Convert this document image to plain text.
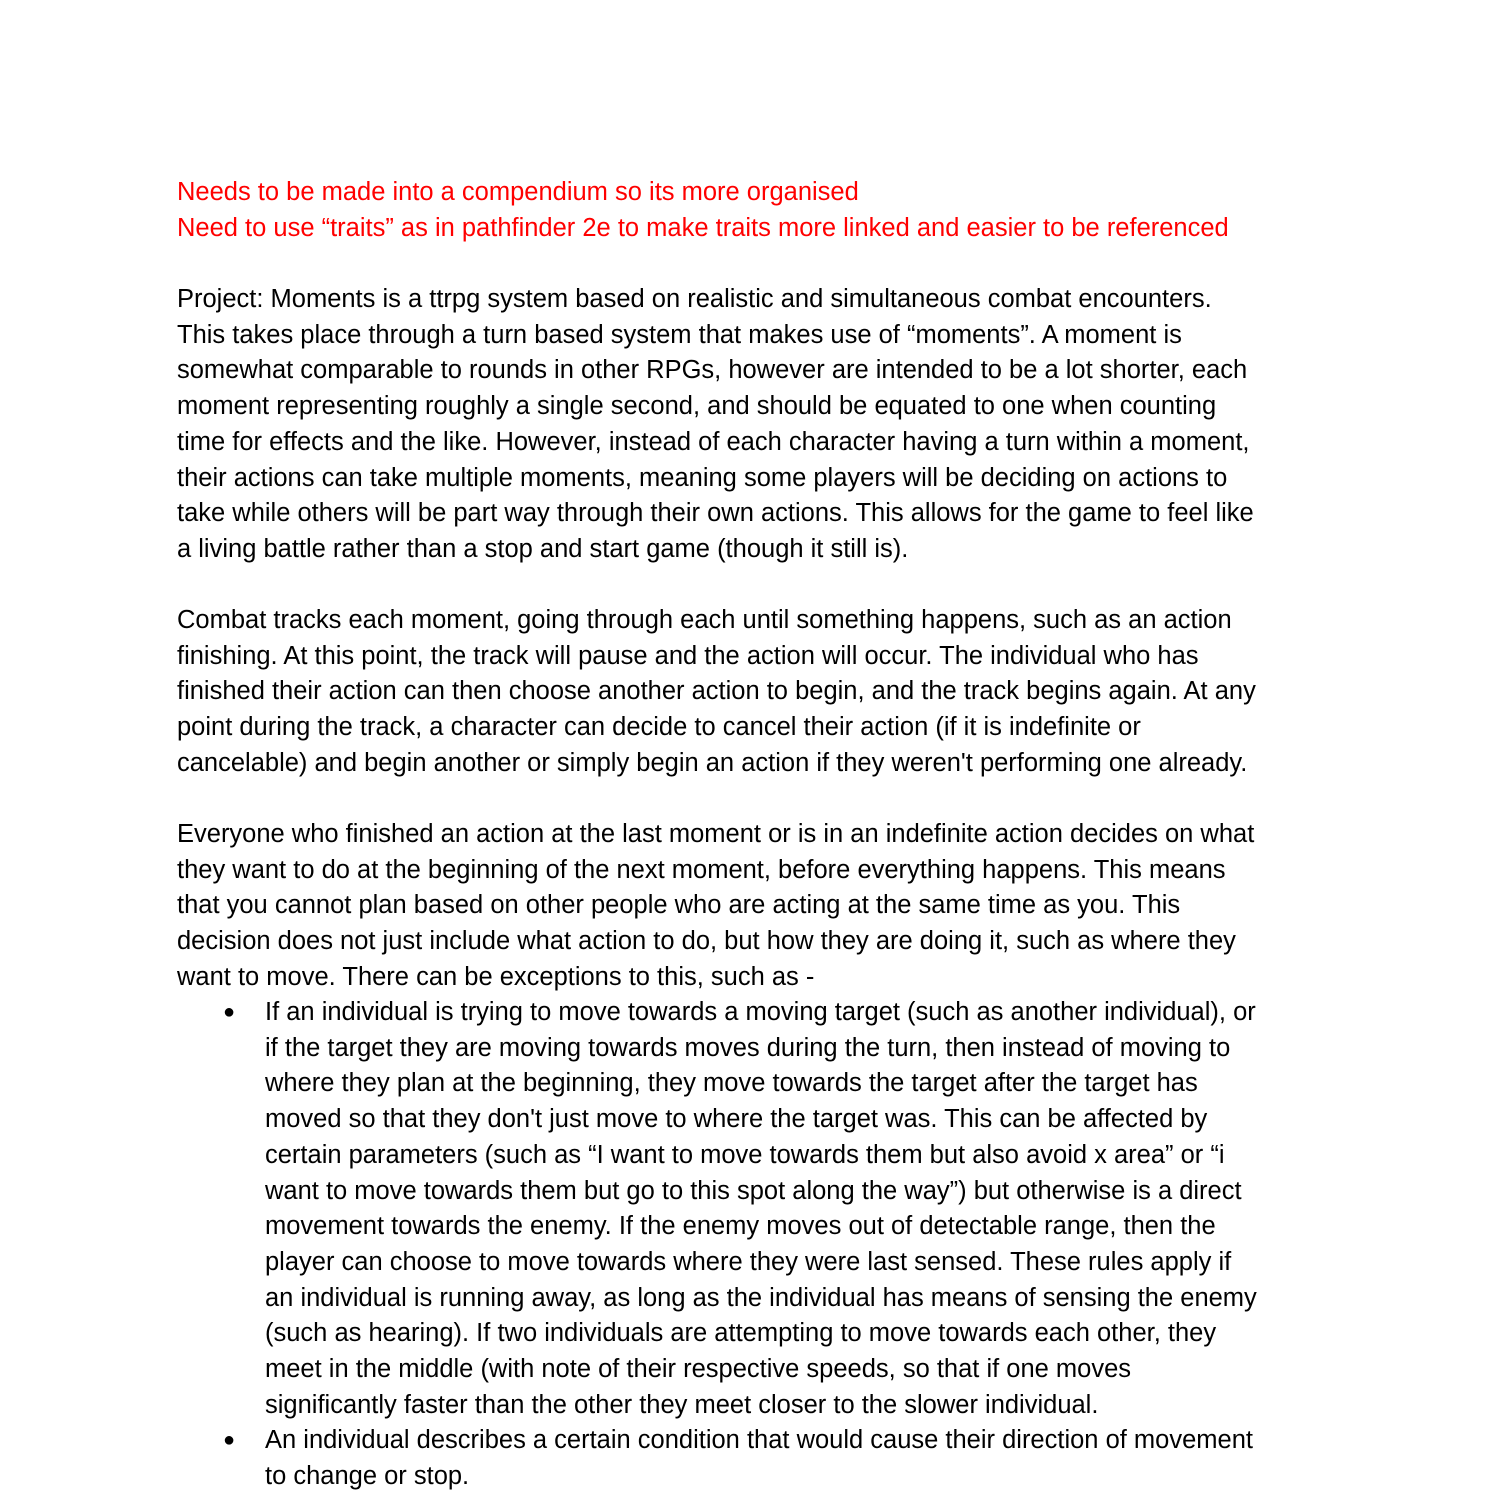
Needs to be made into a compendium so its more organised
Need to use “traits” as in pathfinder 2e to make traits more linked and easier to be referenced
Project: Moments is a ttrpg system based on realistic and simultaneous combat encounters.
This takes place through a turn based system that makes use of “moments”. A moment is
somewhat comparable to rounds in other RPGs, however are intended to be a lot shorter, each
moment representing roughly a single second, and should be equated to one when counting
time for effects and the like. However, instead of each character having a turn within a moment,
their actions can take multiple moments, meaning some players will be deciding on actions to
take while others will be part way through their own actions. This allows for the game to feel like
a living battle rather than a stop and start game (though it still is).
Combat tracks each moment, going through each until something happens, such as an action
finishing. At this point, the track will pause and the action will occur. The individual who has
finished their action can then choose another action to begin, and the track begins again. At any
point during the track, a character can decide to cancel their action (if it is indefinite or
cancelable) and begin another or simply begin an action if they weren't performing one already.
Everyone who finished an action at the last moment or is in an indefinite action decides on what
they want to do at the beginning of the next moment, before everything happens. This means
that you cannot plan based on other people who are acting at the same time as you. This
decision does not just include what action to do, but how they are doing it, such as where they
want to move. There can be exceptions to this, such as -
● If an individual is trying to move towards a moving target (such as another individual), or
if the target they are moving towards moves during the turn, then instead of moving to
where they plan at the beginning, they move towards the target after the target has
moved so that they don't just move to where the target was. This can be affected by
certain parameters (such as “I want to move towards them but also avoid x area” or “i
want to move towards them but go to this spot along the way”) but otherwise is a direct
movement towards the enemy. If the enemy moves out of detectable range, then the
player can choose to move towards where they were last sensed. These rules apply if
an individual is running away, as long as the individual has means of sensing the enemy
(such as hearing). If two individuals are attempting to move towards each other, they
meet in the middle (with note of their respective speeds, so that if one moves
significantly faster than the other they meet closer to the slower individual.
● An individual describes a certain condition that would cause their direction of movement
to change or stop.
